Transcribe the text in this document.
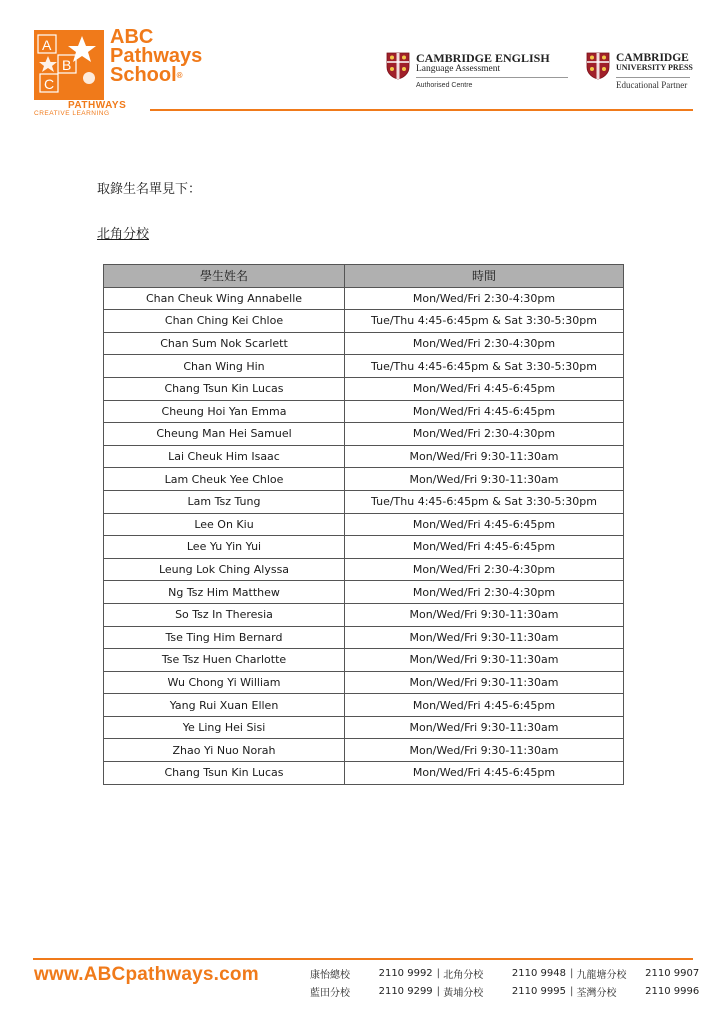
A
B
C
ABC
Pathways
School®
PATHWAYS
CREATIVE LEARNING
CAMBRIDGE ENGLISH
Language Assessment
Authorised Centre
CAMBRIDGE
UNIVERSITY PRESS
Educational Partner
取錄生名單見下：
北角分校
學生姓名	時間
Chan Cheuk Wing Annabelle	Mon/Wed/Fri 2:30-4:30pm
Chan Ching Kei Chloe	Tue/Thu 4:45-6:45pm & Sat 3:30-5:30pm
Chan Sum Nok Scarlett	Mon/Wed/Fri 2:30-4:30pm
Chan Wing Hin	Tue/Thu 4:45-6:45pm & Sat 3:30-5:30pm
Chang Tsun Kin Lucas	Mon/Wed/Fri 4:45-6:45pm
Cheung Hoi Yan Emma	Mon/Wed/Fri 4:45-6:45pm
Cheung Man Hei Samuel	Mon/Wed/Fri 2:30-4:30pm
Lai Cheuk Him Isaac	Mon/Wed/Fri 9:30-11:30am
Lam Cheuk Yee Chloe	Mon/Wed/Fri 9:30-11:30am
Lam Tsz Tung	Tue/Thu 4:45-6:45pm & Sat 3:30-5:30pm
Lee On Kiu	Mon/Wed/Fri 4:45-6:45pm
Lee Yu Yin Yui	Mon/Wed/Fri 4:45-6:45pm
Leung Lok Ching Alyssa	Mon/Wed/Fri 2:30-4:30pm
Ng Tsz Him Matthew	Mon/Wed/Fri 2:30-4:30pm
So Tsz In Theresia	Mon/Wed/Fri 9:30-11:30am
Tse Ting Him Bernard	Mon/Wed/Fri 9:30-11:30am
Tse Tsz Huen Charlotte	Mon/Wed/Fri 9:30-11:30am
Wu Chong Yi William	Mon/Wed/Fri 9:30-11:30am
Yang Rui Xuan Ellen	Mon/Wed/Fri 4:45-6:45pm
Ye Ling Hei Sisi	Mon/Wed/Fri 9:30-11:30am
Zhao Yi Nuo Norah	Mon/Wed/Fri 9:30-11:30am
Chang Tsun Kin Lucas	Mon/Wed/Fri 4:45-6:45pm
www.ABCpathways.com	康怡總校	2110 9992 | 北角分校	2110 9948 | 九龍塘分校	2110 9907
藍田分校	2110 9299 | 黃埔分校	2110 9995 | 荃灣分校	2110 9996
